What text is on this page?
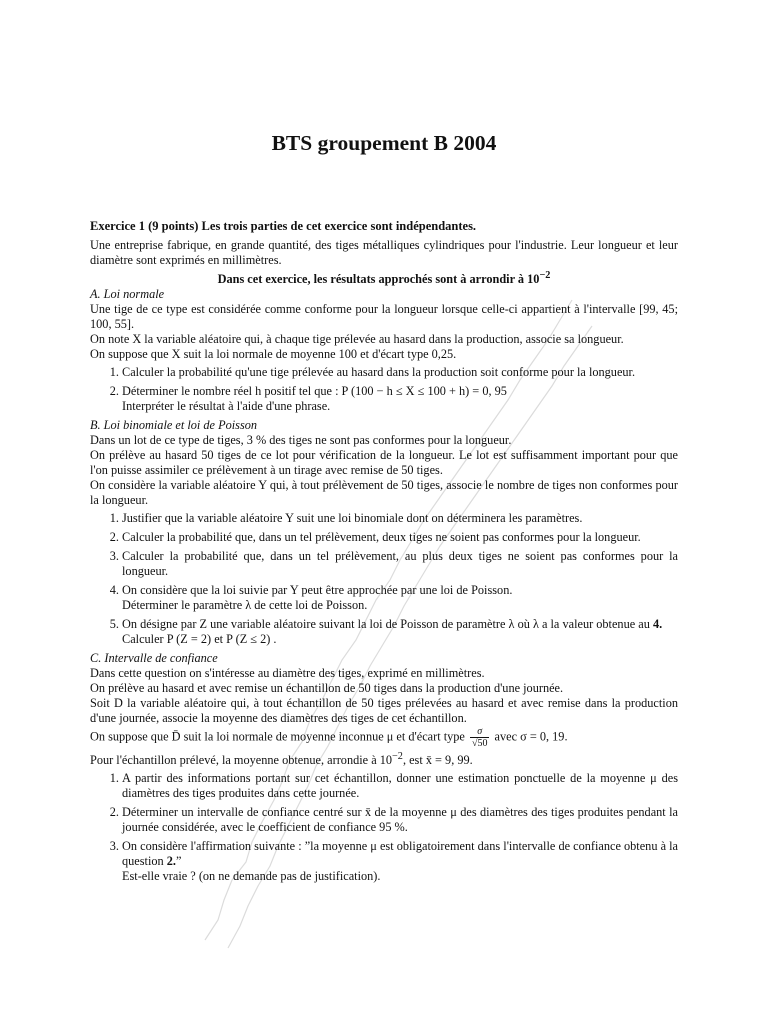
BTS groupement B 2004
Exercice 1 (9 points) Les trois parties de cet exercice sont indépendantes.

Une entreprise fabrique, en grande quantité, des tiges métalliques cylindriques pour l'industrie. Leur longueur et leur diamètre sont exprimés en millimètres.

Dans cet exercice, les résultats approchés sont à arrondir à $10^{-2}$

A. Loi normale

Une tige de ce type est considérée comme conforme pour la longueur lorsque celle-ci appartient à l'intervalle [99, 45; 100, 55].

On note X la variable aléatoire qui, à chaque tige prélevée au hasard dans la production, associe sa longueur.

On suppose que X suit la loi normale de moyenne 100 et d'écart type 0,25.

1. Calculer la probabilité qu'une tige prélevée au hasard dans la production soit conforme pour la longueur.
2. Déterminer le nombre réel h positif tel que : P (100 − h ≤ X ≤ 100 + h) = 0, 95
Interpréter le résultat à l'aide d'une phrase.

B. Loi binomiale et loi de Poisson

Dans un lot de ce type de tiges, 3 % des tiges ne sont pas conformes pour la longueur.

On prélève au hasard 50 tiges de ce lot pour vérification de la longueur. Le lot est suffisamment important pour que l'on puisse assimiler ce prélèvement à un tirage avec remise de 50 tiges.

On considère la variable aléatoire Y qui, à tout prélèvement de 50 tiges, associe le nombre de tiges non conformes pour la longueur.

1. Justifier que la variable aléatoire Y suit une loi binomiale dont on déterminera les paramètres.
2. Calculer la probabilité que, dans un tel prélèvement, deux tiges ne soient pas conformes pour la longueur.
3. Calculer la probabilité que, dans un tel prélèvement, au plus deux tiges ne soient pas conformes pour la longueur.
4. On considère que la loi suivie par Y peut être approchée par une loi de Poisson.
Déterminer le paramètre λ de cette loi de Poisson.
5. On désigne par Z une variable aléatoire suivant la loi de Poisson de paramètre λ où λ a la valeur obtenue au 4.
Calculer P (Z = 2) et P (Z ≤ 2) .

C. Intervalle de confiance

Dans cette question on s'intéresse au diamètre des tiges, exprimé en millimètres.

On prélève au hasard et avec remise un échantillon de 50 tiges dans la production d'une journée.

Soit D la variable aléatoire qui, à tout échantillon de 50 tiges prélevées au hasard et avec remise dans la production d'une journée, associe la moyenne des diamètres des tiges de cet échantillon.

On suppose que D̄ suit la loi normale de moyenne inconnue μ et d'écart type $\frac{\sigma}{√50}$ avec σ = 0, 19.

Pour l'échantillon prélevé, la moyenne obtenue, arrondie à $10^{-2}$, est x̄ = 9, 99.

1. A partir des informations portant sur cet échantillon, donner une estimation ponctuelle de la moyenne μ des diamètres des tiges produites dans cette journée.
2. Déterminer un intervalle de confiance centré sur x̄ de la moyenne μ des diamètres des tiges produites pendant la journée considérée, avec le coefficient de confiance 95 %.
3. On considère l'affirmation suivante : ”la moyenne μ est obligatoirement dans l'intervalle de confiance obtenu à la question 2.”
Est-elle vraie ? (on ne demande pas de justification).
